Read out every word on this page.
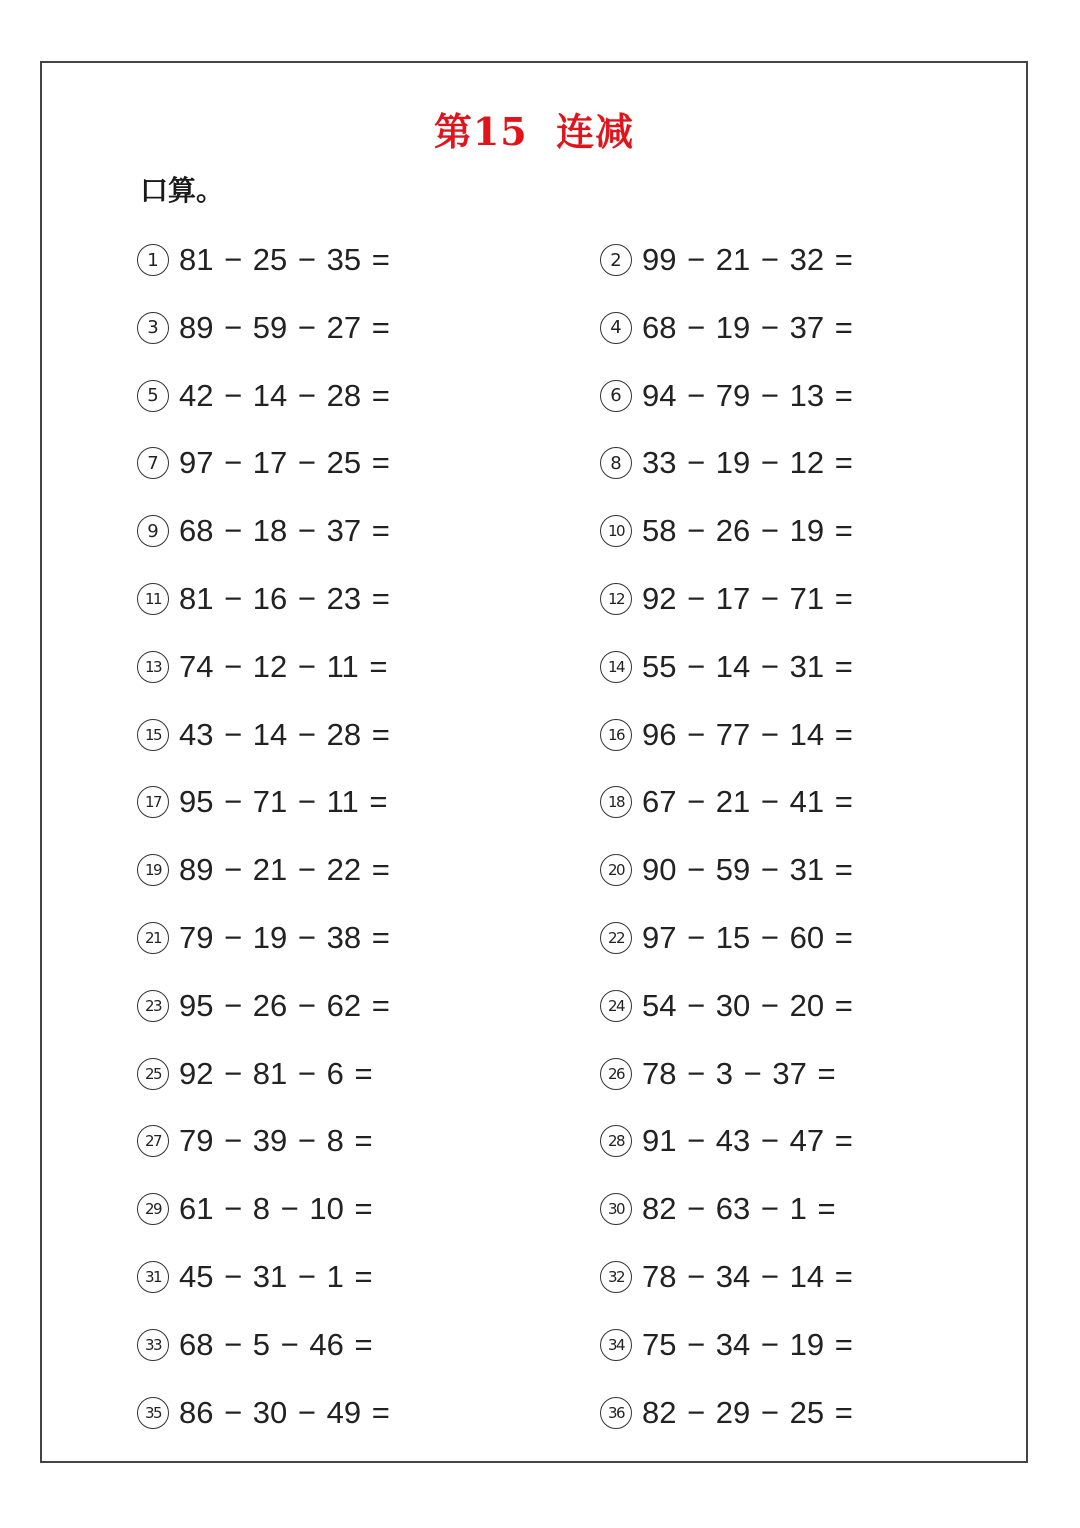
第15  连减
口算。
1 81 − 25 − 35 =	2 99 − 21 − 32 =
3 89 − 59 − 27 =	4 68 − 19 − 37 =
5 42 − 14 − 28 =	6 94 − 79 − 13 =
7 97 − 17 − 25 =	8 33 − 19 − 12 =
9 68 − 18 − 37 =	10 58 − 26 − 19 =
11 81 − 16 − 23 =	12 92 − 17 − 71 =
13 74 − 12 − 11 =	14 55 − 14 − 31 =
15 43 − 14 − 28 =	16 96 − 77 − 14 =
17 95 − 71 − 11 =	18 67 − 21 − 41 =
19 89 − 21 − 22 =	20 90 − 59 − 31 =
21 79 − 19 − 38 =	22 97 − 15 − 60 =
23 95 − 26 − 62 =	24 54 − 30 − 20 =
25 92 − 81 − 6 =	26 78 − 3 − 37 =
27 79 − 39 − 8 =	28 91 − 43 − 47 =
29 61 − 8 − 10 =	30 82 − 63 − 1 =
31 45 − 31 − 1 =	32 78 − 34 − 14 =
33 68 − 5 − 46 =	34 75 − 34 − 19 =
35 86 − 30 − 49 =	36 82 − 29 − 25 =
